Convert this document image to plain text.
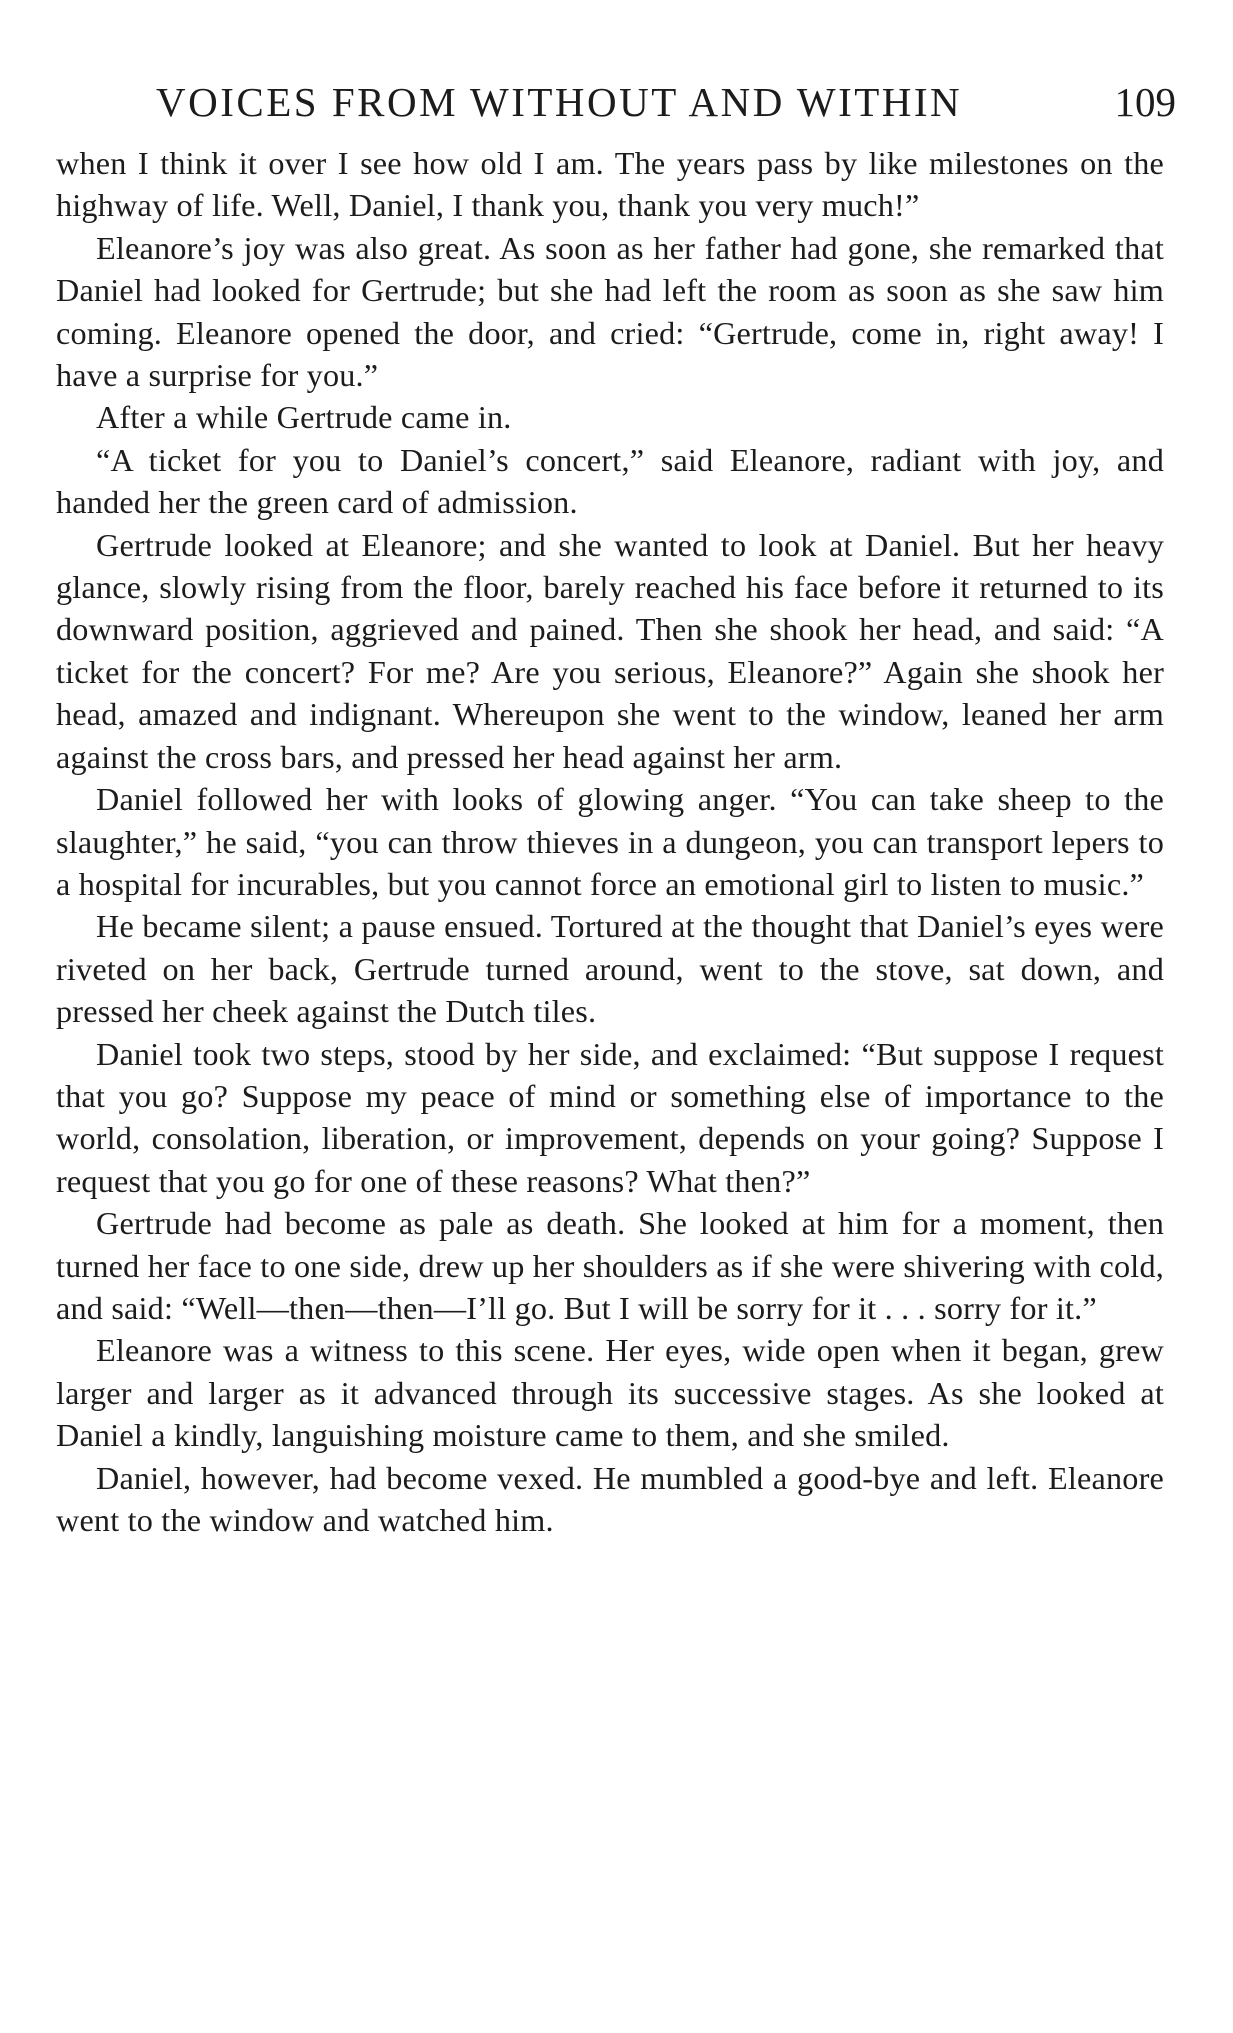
VOICES FROM WITHOUT AND WITHIN	109

when I think it over I see how old I am. The years pass by like milestones on the highway of life. Well, Daniel, I thank you, thank you very much!”

Eleanore’s joy was also great. As soon as her father had gone, she remarked that Daniel had looked for Gertrude; but she had left the room as soon as she saw him coming. Eleanore opened the door, and cried: “Gertrude, come in, right away! I have a surprise for you.”

After a while Gertrude came in.

“A ticket for you to Daniel’s concert,” said Eleanore, radiant with joy, and handed her the green card of admission.

Gertrude looked at Eleanore; and she wanted to look at Daniel. But her heavy glance, slowly rising from the floor, barely reached his face before it returned to its downward position, aggrieved and pained. Then she shook her head, and said: “A ticket for the concert? For me? Are you serious, Eleanore?” Again she shook her head, amazed and indignant. Whereupon she went to the window, leaned her arm against the cross bars, and pressed her head against her arm.

Daniel followed her with looks of glowing anger. “You can take sheep to the slaughter,” he said, “you can throw thieves in a dungeon, you can transport lepers to a hospital for incurables, but you cannot force an emotional girl to listen to music.”

He became silent; a pause ensued. Tortured at the thought that Daniel’s eyes were riveted on her back, Gertrude turned around, went to the stove, sat down, and pressed her cheek against the Dutch tiles.

Daniel took two steps, stood by her side, and exclaimed: “But suppose I request that you go? Suppose my peace of mind or something else of importance to the world, consolation, liberation, or improvement, depends on your going? Suppose I request that you go for one of these reasons? What then?”

Gertrude had become as pale as death. She looked at him for a moment, then turned her face to one side, drew up her shoulders as if she were shivering with cold, and said: “Well—then—then—I’ll go. But I will be sorry for it . . . sorry for it.”

Eleanore was a witness to this scene. Her eyes, wide open when it began, grew larger and larger as it advanced through its successive stages. As she looked at Daniel a kindly, languishing moisture came to them, and she smiled.

Daniel, however, had become vexed. He mumbled a good-bye and left. Eleanore went to the window and watched him.
